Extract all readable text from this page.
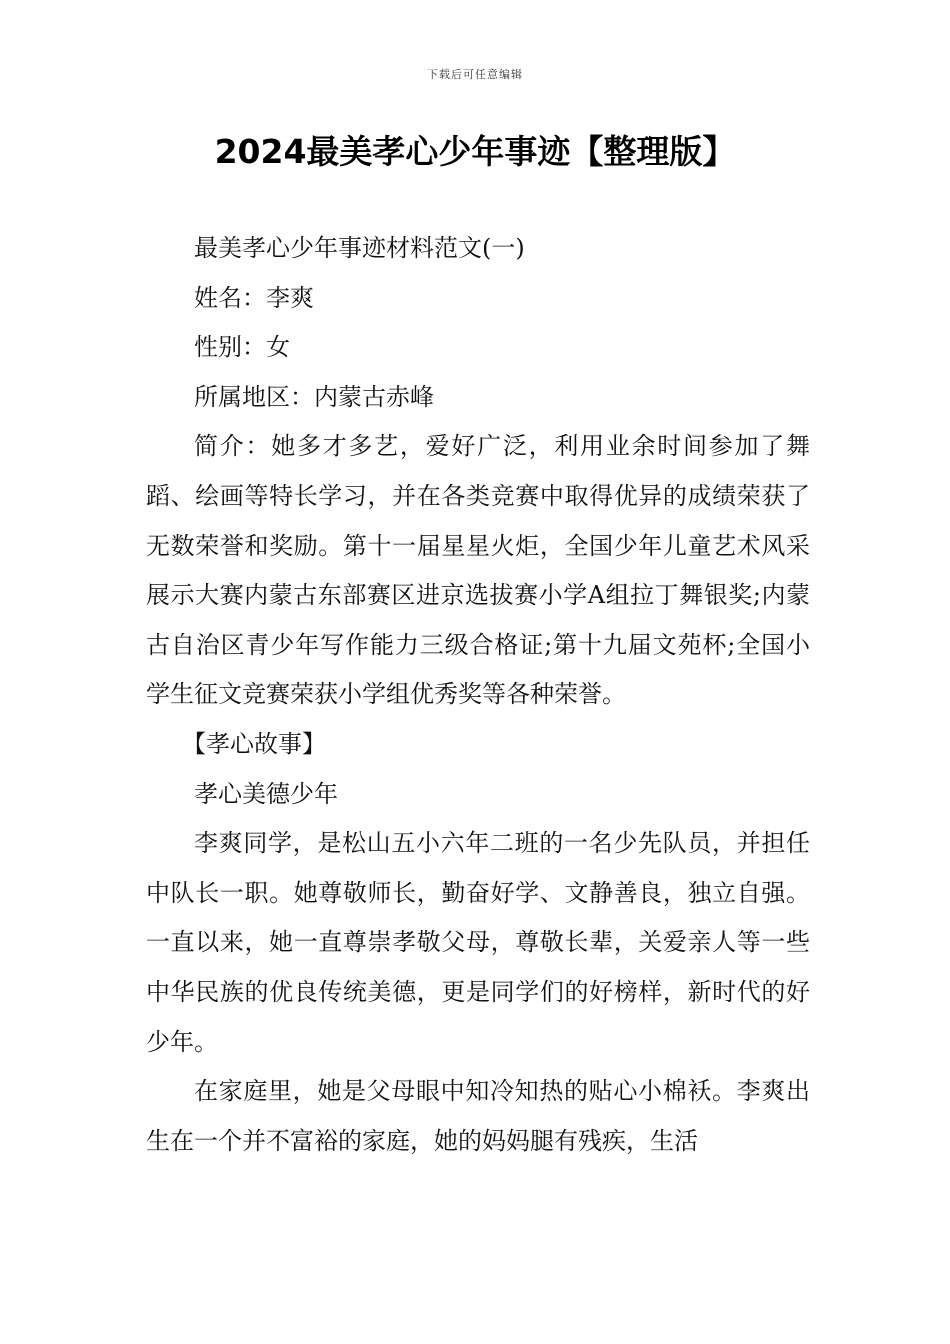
下载后可任意编辑
2024最美孝心少年事迹【整理版】

最美孝心少年事迹材料范文(一)

姓名：李爽

性别：女

所属地区：内蒙古赤峰

简介：她多才多艺，爱好广泛，利用业余时间参加了舞蹈、绘画等特长学习，并在各类竞赛中取得优异的成绩荣获了无数荣誉和奖励。第十一届星星火炬，全国少年儿童艺术风采展示大赛内蒙古东部赛区进京选拔赛小学A组拉丁舞银奖;内蒙古自治区青少年写作能力三级合格证;第十九届文苑杯;全国小学生征文竞赛荣获小学组优秀奖等各种荣誉。

【孝心故事】

孝心美德少年

李爽同学，是松山五小六年二班的一名少先队员，并担任中队长一职。她尊敬师长，勤奋好学、文静善良，独立自强。一直以来，她一直尊崇孝敬父母，尊敬长辈，关爱亲人等一些中华民族的优良传统美德，更是同学们的好榜样，新时代的好少年。

在家庭里，她是父母眼中知冷知热的贴心小棉袄。李爽出生在一个并不富裕的家庭，她的妈妈腿有残疾，生活
